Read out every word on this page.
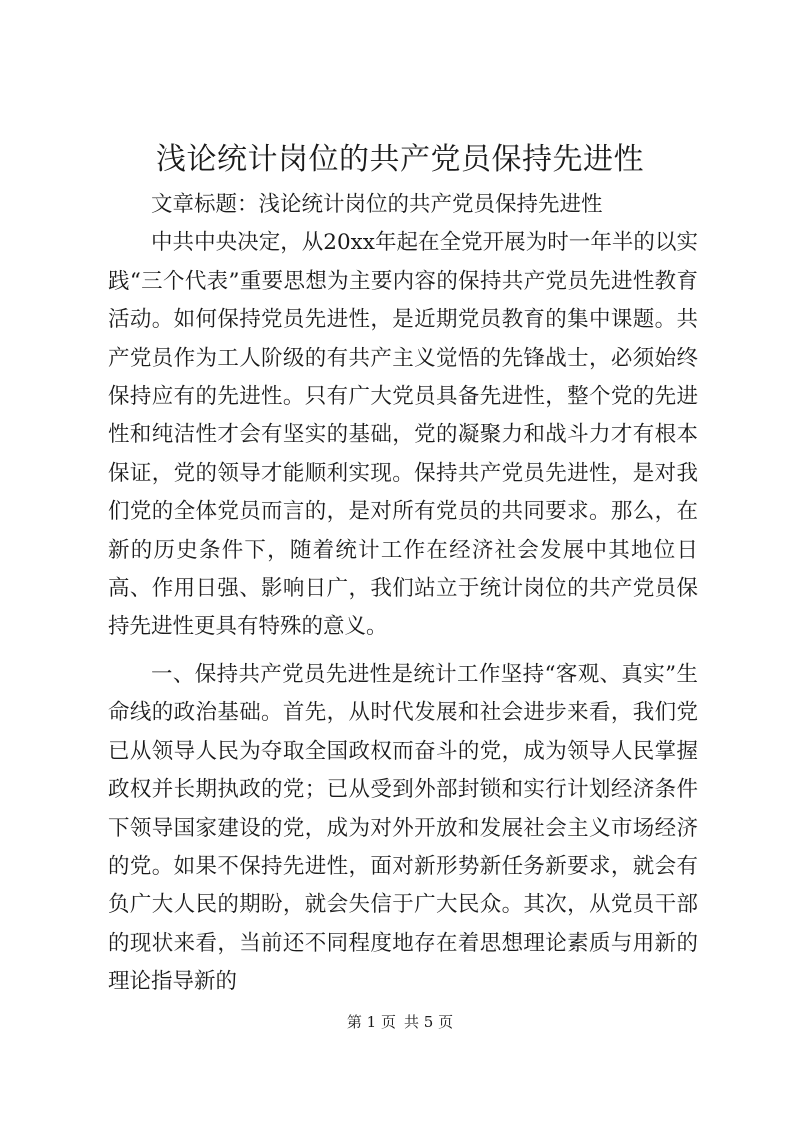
浅论统计岗位的共产党员保持先进性

文章标题：浅论统计岗位的共产党员保持先进性

中共中央决定，从20xx年起在全党开展为时一年半的以实践“三个代表”重要思想为主要内容的保持共产党员先进性教育活动。如何保持党员先进性，是近期党员教育的集中课题。共产党员作为工人阶级的有共产主义觉悟的先锋战士，必须始终保持应有的先进性。只有广大党员具备先进性，整个党的先进性和纯洁性才会有坚实的基础，党的凝聚力和战斗力才有根本保证，党的领导才能顺利实现。保持共产党员先进性，是对我们党的全体党员而言的，是对所有党员的共同要求。那么，在新的历史条件下，随着统计工作在经济社会发展中其地位日高、作用日强、影响日广，我们站立于统计岗位的共产党员保持先进性更具有特殊的意义。

一、保持共产党员先进性是统计工作坚持“客观、真实”生命线的政治基础。首先，从时代发展和社会进步来看，我们党已从领导人民为夺取全国政权而奋斗的党，成为领导人民掌握政权并长期执政的党；已从受到外部封锁和实行计划经济条件下领导国家建设的党，成为对外开放和发展社会主义市场经济的党。如果不保持先进性，面对新形势新任务新要求，就会有负广大人民的期盼，就会失信于广大民众。其次，从党员干部的现状来看，当前还不同程度地存在着思想理论素质与用新的理论指导新的

第 1 页 共 5 页
